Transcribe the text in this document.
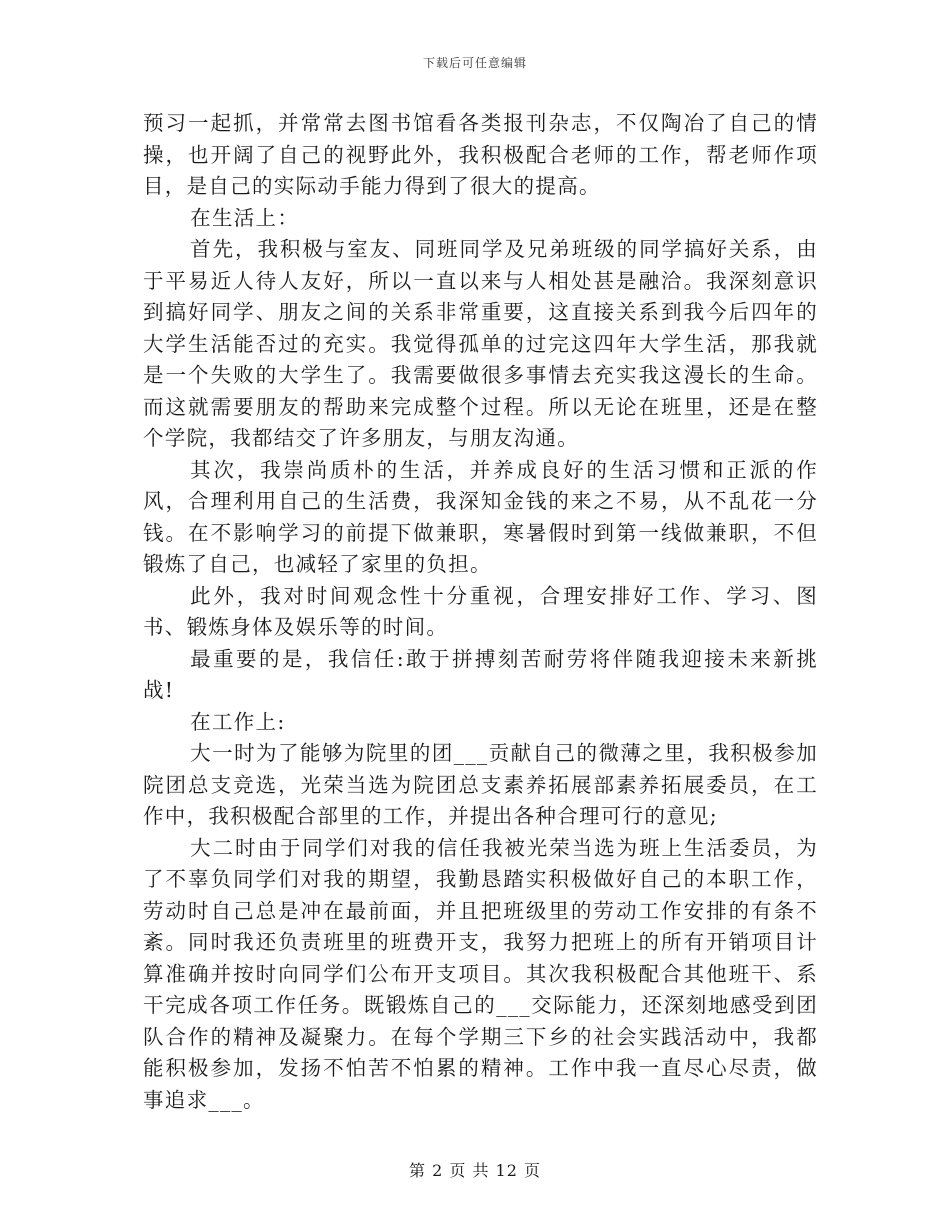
下载后可任意编辑

预习一起抓，并常常去图书馆看各类报刊杂志，不仅陶冶了自己的情操，也开阔了自己的视野此外，我积极配合老师的工作，帮老师作项目，是自己的实际动手能力得到了很大的提高。

在生活上：

首先，我积极与室友、同班同学及兄弟班级的同学搞好关系，由于平易近人待人友好，所以一直以来与人相处甚是融洽。我深刻意识到搞好同学、朋友之间的关系非常重要，这直接关系到我今后四年的大学生活能否过的充实。我觉得孤单的过完这四年大学生活，那我就是一个失败的大学生了。我需要做很多事情去充实我这漫长的生命。而这就需要朋友的帮助来完成整个过程。所以无论在班里，还是在整个学院，我都结交了许多朋友，与朋友沟通。

其次，我崇尚质朴的生活，并养成良好的生活习惯和正派的作风，合理利用自己的生活费，我深知金钱的来之不易，从不乱花一分钱。在不影响学习的前提下做兼职，寒暑假时到第一线做兼职，不但锻炼了自己，也减轻了家里的负担。

此外，我对时间观念性十分重视，合理安排好工作、学习、图书、锻炼身体及娱乐等的时间。

最重要的是，我信任:敢于拼搏刻苦耐劳将伴随我迎接未来新挑战!

在工作上:

大一时为了能够为院里的团___贡献自己的微薄之里，我积极参加院团总支竞选，光荣当选为院团总支素养拓展部素养拓展委员，在工作中，我积极配合部里的工作，并提出各种合理可行的意见;

大二时由于同学们对我的信任我被光荣当选为班上生活委员，为了不辜负同学们对我的期望，我勤恳踏实积极做好自己的本职工作，劳动时自己总是冲在最前面，并且把班级里的劳动工作安排的有条不紊。同时我还负责班里的班费开支，我努力把班上的所有开销项目计算准确并按时向同学们公布开支项目。其次我积极配合其他班干、系干完成各项工作任务。既锻炼自己的___交际能力，还深刻地感受到团队合作的精神及凝聚力。在每个学期三下乡的社会实践活动中，我都能积极参加，发扬不怕苦不怕累的精神。工作中我一直尽心尽责，做事追求___。

第 2 页 共 12 页
